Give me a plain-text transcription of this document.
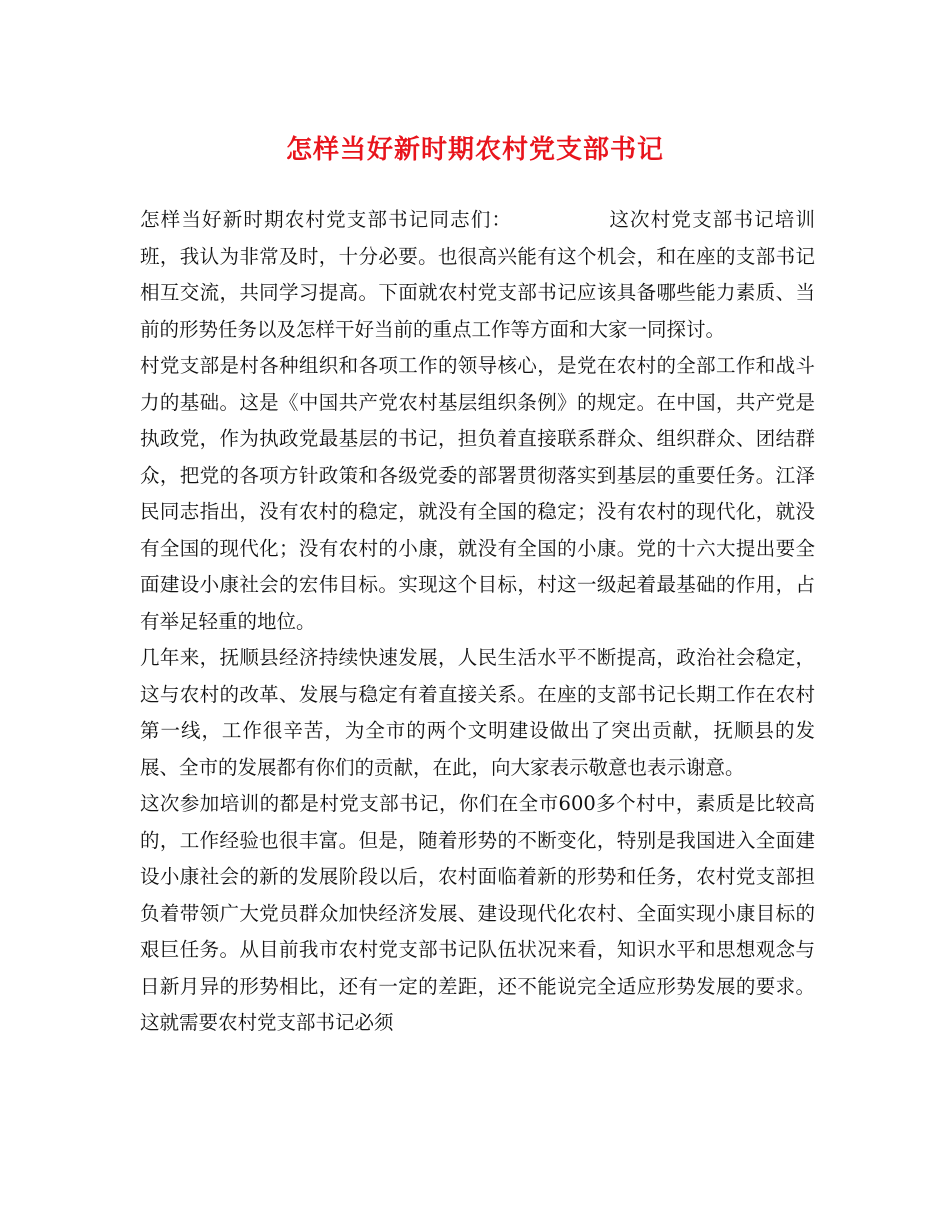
怎样当好新时期农村党支部书记

怎样当好新时期农村党支部书记同志们：	这次村党支部书记培训班，我认为非常及时，十分必要。也很高兴能有这个机会，和在座的支部书记相互交流，共同学习提高。下面就农村党支部书记应该具备哪些能力素质、当前的形势任务以及怎样干好当前的重点工作等方面和大家一同探讨。

村党支部是村各种组织和各项工作的领导核心，是党在农村的全部工作和战斗力的基础。这是《中国共产党农村基层组织条例》的规定。在中国，共产党是执政党，作为执政党最基层的书记，担负着直接联系群众、组织群众、团结群众，把党的各项方针政策和各级党委的部署贯彻落实到基层的重要任务。江泽民同志指出，没有农村的稳定，就没有全国的稳定；没有农村的现代化，就没有全国的现代化；没有农村的小康，就没有全国的小康。党的十六大提出要全面建设小康社会的宏伟目标。实现这个目标，村这一级起着最基础的作用，占有举足轻重的地位。

几年来，抚顺县经济持续快速发展，人民生活水平不断提高，政治社会稳定，这与农村的改革、发展与稳定有着直接关系。在座的支部书记长期工作在农村第一线，工作很辛苦，为全市的两个文明建设做出了突出贡献，抚顺县的发展、全市的发展都有你们的贡献，在此，向大家表示敬意也表示谢意。

这次参加培训的都是村党支部书记，你们在全市600多个村中，素质是比较高的，工作经验也很丰富。但是，随着形势的不断变化，特别是我国进入全面建设小康社会的新的发展阶段以后，农村面临着新的形势和任务，农村党支部担负着带领广大党员群众加快经济发展、建设现代化农村、全面实现小康目标的艰巨任务。从目前我市农村党支部书记队伍状况来看，知识水平和思想观念与日新月异的形势相比，还有一定的差距，还不能说完全适应形势发展的要求。这就需要农村党支部书记必须
